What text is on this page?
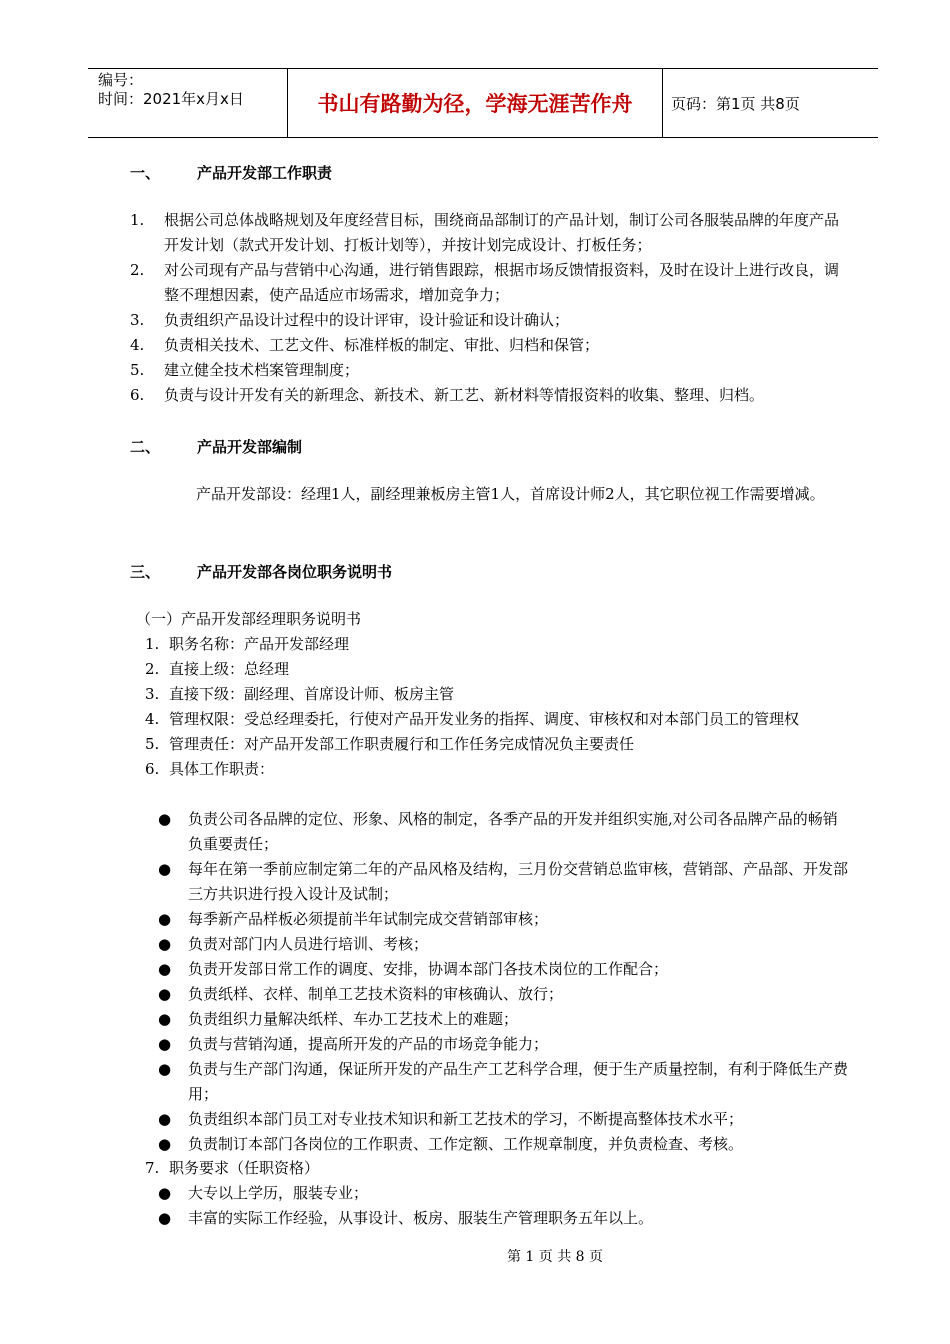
编号：
时间：2021年x月x日	书山有路勤为径，学海无涯苦作舟	页码：第1页 共8页
一、 产品开发部工作职责
1.	根据公司总体战略规划及年度经营目标，围绕商品部制订的产品计划，制订公司各服装品牌的年度产品开发计划（款式开发计划、打板计划等），并按计划完成设计、打板任务；
2.	对公司现有产品与营销中心沟通，进行销售跟踪，根据市场反馈情报资料，及时在设计上进行改良，调整不理想因素，使产品适应市场需求，增加竞争力；
3.	负责组织产品设计过程中的设计评审，设计验证和设计确认；
4.	负责相关技术、工艺文件、标准样板的制定、审批、归档和保管；
5.	建立健全技术档案管理制度；
6.	负责与设计开发有关的新理念、新技术、新工艺、新材料等情报资料的收集、整理、归档。
二、 产品开发部编制
产品开发部设：经理1人，副经理兼板房主管1人，首席设计师2人，其它职位视工作需要增减。
三、 产品开发部各岗位职务说明书
（一）产品开发部经理职务说明书
1. 职务名称：产品开发部经理
2. 直接上级：总经理
3. 直接下级：副经理、首席设计师、板房主管
4. 管理权限：受总经理委托，行使对产品开发业务的指挥、调度、审核权和对本部门员工的管理权
5. 管理责任：对产品开发部工作职责履行和工作任务完成情况负主要责任
6. 具体工作职责：
●	负责公司各品牌的定位、形象、风格的制定，各季产品的开发并组织实施,对公司各品牌产品的畅销负重要责任；
●	每年在第一季前应制定第二年的产品风格及结构，三月份交营销总监审核，营销部、产品部、开发部三方共识进行投入设计及试制；
●	每季新产品样板必须提前半年试制完成交营销部审核；
●	负责对部门内人员进行培训、考核；
●	负责开发部日常工作的调度、安排，协调本部门各技术岗位的工作配合；
●	负责纸样、衣样、制单工艺技术资料的审核确认、放行；
●	负责组织力量解决纸样、车办工艺技术上的难题；
●	负责与营销沟通，提高所开发的产品的市场竞争能力；
●	负责与生产部门沟通，保证所开发的产品生产工艺科学合理，便于生产质量控制，有利于降低生产费用；
●	负责组织本部门员工对专业技术知识和新工艺技术的学习，不断提高整体技术水平；
●	负责制订本部门各岗位的工作职责、工作定额、工作规章制度，并负责检查、考核。
7. 职务要求（任职资格）
●	大专以上学历，服装专业；
●	丰富的实际工作经验，从事设计、板房、服装生产管理职务五年以上。
第 1 页 共 8 页
